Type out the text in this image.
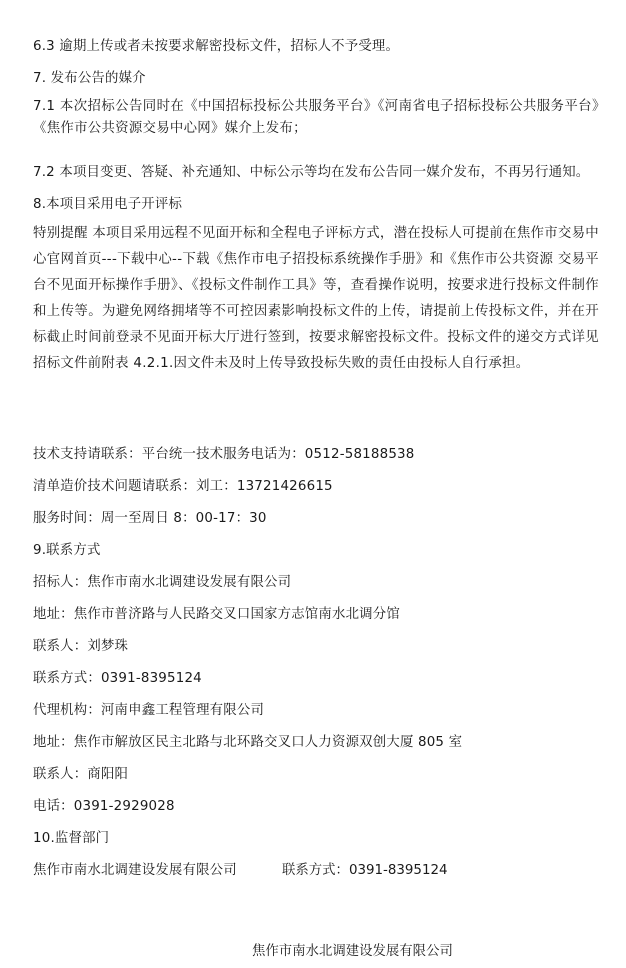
6.3 逾期上传或者未按要求解密投标文件，招标人不予受理。
7. 发布公告的媒介
7.1 本次招标公告同时在《中国招标投标公共服务平台》《河南省电子招标投标公共服务平台》《焦作市公共资源交易中心网》媒介上发布；
7.2 本项目变更、答疑、补充通知、中标公示等均在发布公告同一媒介发布，不再另行通知。
8.本项目采用电子开评标
特别提醒 本项目采用远程不见面开标和全程电子评标方式，潜在投标人可提前在焦作市交易中心官网首页---下载中心--下载《焦作市电子招投标系统操作手册》和《焦作市公共资源 交易平台不见面开标操作手册》、《投标文件制作工具》等，查看操作说明，按要求进行投标文件制作和上传等。为避免网络拥堵等不可控因素影响投标文件的上传，请提前上传投标文件，并在开标截止时间前登录不见面开标大厅进行签到，按要求解密投标文件。投标文件的递交方式详见招标文件前附表 4.2.1.因文件未及时上传导致投标失败的责任由投标人自行承担。
技术支持请联系：平台统一技术服务电话为：0512-58188538
清单造价技术问题请联系：刘工：13721426615
服务时间：周一至周日 8：00-17：30
9.联系方式
招标人：焦作市南水北调建设发展有限公司
地址：焦作市普济路与人民路交叉口国家方志馆南水北调分馆
联系人：刘梦珠
联系方式：0391-8395124
代理机构：河南申鑫工程管理有限公司
地址：焦作市解放区民主北路与北环路交叉口人力资源双创大厦 805 室
联系人：商阳阳
电话：0391-2929028
10.监督部门
焦作市南水北调建设发展有限公司	联系方式：0391-8395124
焦作市南水北调建设发展有限公司
